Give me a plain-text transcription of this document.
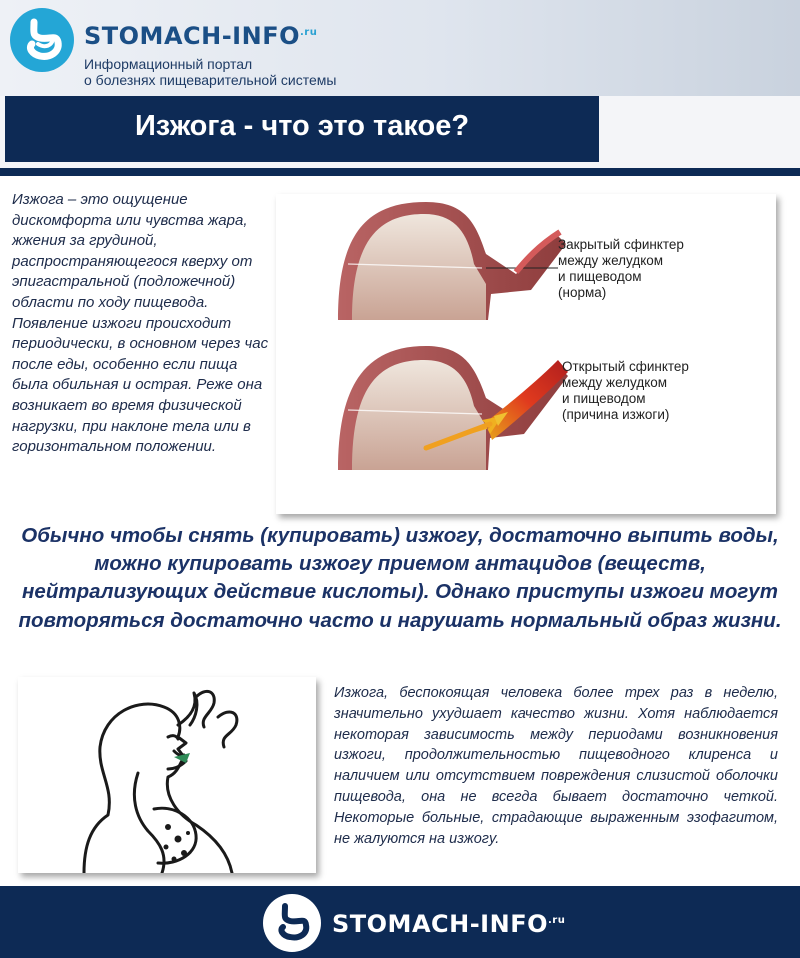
STOMACH-$INFO^{.ru}$
Информационный портал
о болезнях пищеварительной системы
Изжога - что это такое?
Изжога – это ощущение дискомфорта или чувства жара, жжения за грудиной, распространяющегося кверху от эпигастральной (подложечной) области по ходу пищевода. Появление изжоги происходит периодически, в основном через час после еды, особенно если пища была обильная и острая. Реже она возникает во время физической нагрузки, при наклоне тела или в горизонтальном положении.
Закрытый сфинктер
между желудком
и пищеводом
(норма)
Открытый сфинктер
между желудком
и пищеводом
(причина изжоги)
Обычно чтобы снять (купировать) изжогу, достаточно выпить воды, можно купировать изжогу приемом антацидов (веществ, нейтрализующих действие кислоты). Однако приступы изжоги могут повторяться достаточно часто и нарушать нормальный образ жизни.
Изжога, беспокоящая человека более трех раз в неделю, значительно ухудшает качество жизни. Хотя наблюдается некоторая зависимость между периодами возникновения изжоги, продолжительностью пищеводного клиренса и наличием или отсутствием повреждения слизистой оболочки пищевода, она не всегда бывает достаточно четкой. Некоторые больные, страдающие выраженным эзофагитом, не жалуются на изжогу.
STOMACH-$INFO^{.ru}$
